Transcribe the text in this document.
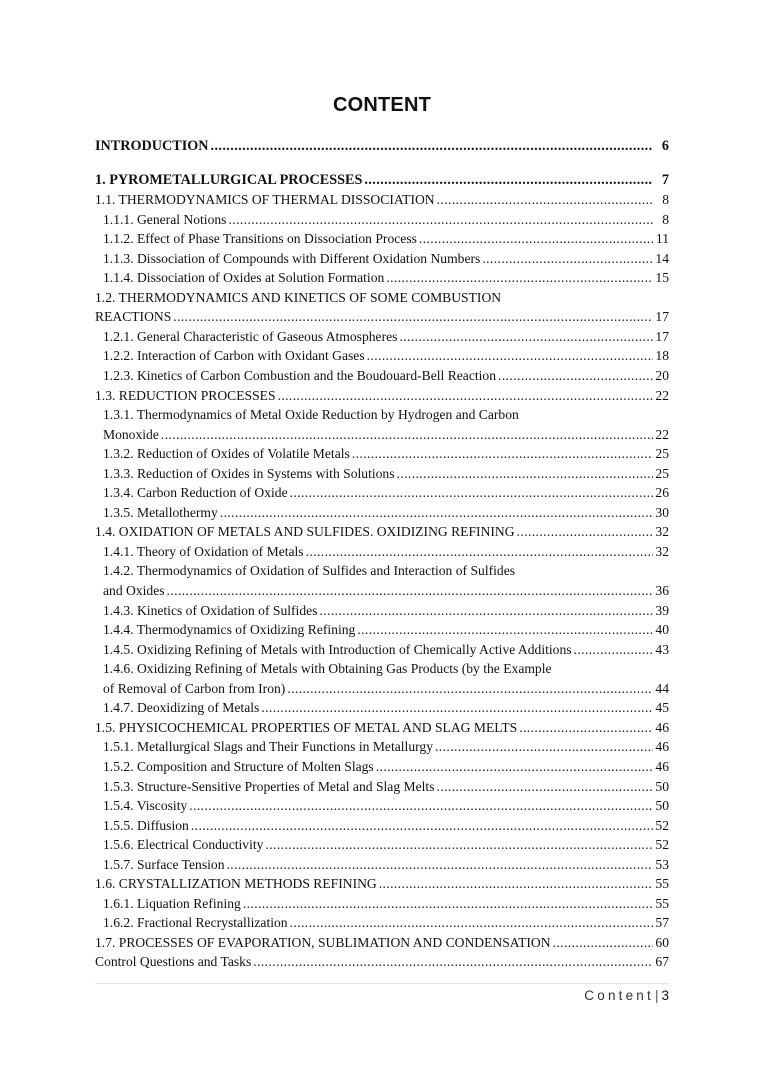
CONTENT
INTRODUCTION .....	6
1. PYROMETALLURGICAL PROCESSES .....	7
1.1. THERMODYNAMICS OF THERMAL DISSOCIATION .....	8
1.1.1. General Notions .....	8
1.1.2. Effect of Phase Transitions on Dissociation Process .....	11
1.1.3. Dissociation of Compounds with Different Oxidation Numbers .....	14
1.1.4. Dissociation of Oxides at Solution Formation .....	15
1.2. THERMODYNAMICS AND KINETICS OF SOME COMBUSTION
REACTIONS .....	17
1.2.1. General Characteristic of Gaseous Atmospheres .....	17
1.2.2. Interaction of Carbon with Oxidant Gases .....	18
1.2.3. Kinetics of Carbon Combustion and the Boudouard-Bell Reaction .....	20
1.3. REDUCTION PROCESSES .....	22
1.3.1. Thermodynamics of Metal Oxide Reduction by Hydrogen and Carbon
Monoxide .....	22
1.3.2. Reduction of Oxides of Volatile Metals .....	25
1.3.3. Reduction of Oxides in Systems with Solutions .....	25
1.3.4. Carbon Reduction of Oxide .....	26
1.3.5. Metallothermy .....	30
1.4. OXIDATION OF METALS AND SULFIDES. OXIDIZING REFINING .....	32
1.4.1. Theory of Oxidation of Metals .....	32
1.4.2. Thermodynamics of Oxidation of Sulfides and Interaction of Sulfides
and Oxides .....	36
1.4.3. Kinetics of Oxidation of Sulfides .....	39
1.4.4. Thermodynamics of Oxidizing Refining .....	40
1.4.5. Oxidizing Refining of Metals with Introduction of Chemically Active Additions .....	43
1.4.6. Oxidizing Refining of Metals with Obtaining Gas Products (by the Example
of Removal of Carbon from Iron) .....	44
1.4.7. Deoxidizing of Metals .....	45
1.5. PHYSICOCHEMICAL PROPERTIES OF METAL AND SLAG MELTS .....	46
1.5.1. Metallurgical Slags and Their Functions in Metallurgy .....	46
1.5.2. Composition and Structure of Molten Slags .....	46
1.5.3. Structure-Sensitive Properties of Metal and Slag Melts .....	50
1.5.4. Viscosity .....	50
1.5.5. Diffusion .....	52
1.5.6. Electrical Conductivity .....	52
1.5.7. Surface Tension .....	53
1.6. CRYSTALLIZATION METHODS REFINING .....	55
1.6.1. Liquation Refining .....	55
1.6.2. Fractional Recrystallization .....	57
1.7. PROCESSES OF EVAPORATION, SUBLIMATION AND CONDENSATION .....	60
Control Questions and Tasks .....	67
Content| 3
